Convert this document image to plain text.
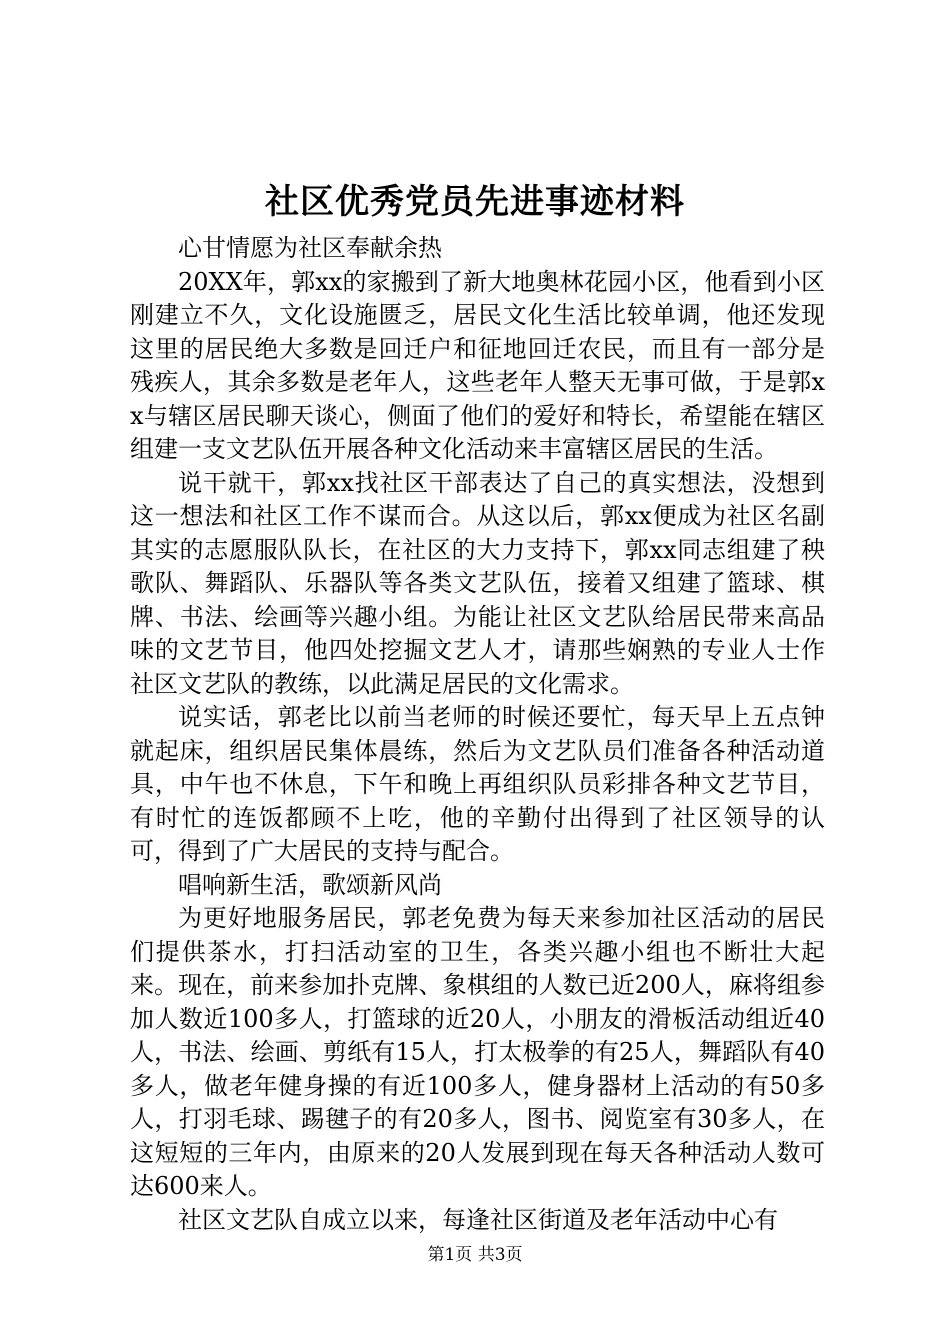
社区优秀党员先进事迹材料

心甘情愿为社区奉献余热

20XX年，郭xx的家搬到了新大地奥林花园小区，他看到小区刚建立不久，文化设施匮乏，居民文化生活比较单调，他还发现这里的居民绝大多数是回迁户和征地回迁农民，而且有一部分是残疾人，其余多数是老年人，这些老年人整天无事可做，于是郭xx与辖区居民聊天谈心，侧面了他们的爱好和特长，希望能在辖区组建一支文艺队伍开展各种文化活动来丰富辖区居民的生活。

说干就干，郭xx找社区干部表达了自己的真实想法，没想到这一想法和社区工作不谋而合。从这以后，郭xx便成为社区名副其实的志愿服队队长，在社区的大力支持下，郭xx同志组建了秧歌队、舞蹈队、乐器队等各类文艺队伍，接着又组建了篮球、棋牌、书法、绘画等兴趣小组。为能让社区文艺队给居民带来高品味的文艺节目，他四处挖掘文艺人才，请那些娴熟的专业人士作社区文艺队的教练，以此满足居民的文化需求。

说实话，郭老比以前当老师的时候还要忙，每天早上五点钟就起床，组织居民集体晨练，然后为文艺队员们准备各种活动道具，中午也不休息，下午和晚上再组织队员彩排各种文艺节目，有时忙的连饭都顾不上吃，他的辛勤付出得到了社区领导的认可，得到了广大居民的支持与配合。

唱响新生活，歌颂新风尚

为更好地服务居民，郭老免费为每天来参加社区活动的居民们提供茶水，打扫活动室的卫生，各类兴趣小组也不断壮大起来。现在，前来参加扑克牌、象棋组的人数已近200人，麻将组参加人数近100多人，打篮球的近20人，小朋友的滑板活动组近40人，书法、绘画、剪纸有15人，打太极拳的有25人，舞蹈队有40多人，做老年健身操的有近100多人，健身器材上活动的有50多人，打羽毛球、踢毽子的有20多人，图书、阅览室有30多人，在这短短的三年内，由原来的20人发展到现在每天各种活动人数可达600来人。

社区文艺队自成立以来，每逢社区街道及老年活动中心有

第1页 共3页
